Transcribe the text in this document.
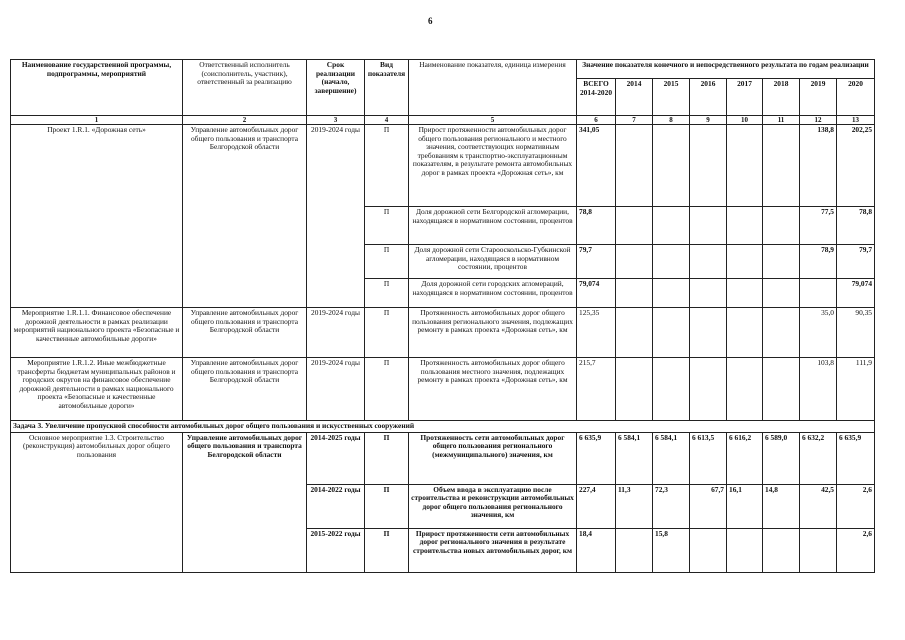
6
Наименование государственной программы, подпрограммы, мероприятий	Ответственный исполнитель (соисполнитель, участник), ответственный за реализацию	Срок реализации (начало, завершение)	Вид показателя	Наименование показателя, единица измерения	Значение показателя конечного и непосредственного результата по годам реализации							
					ВСЕГО 2014-2020	2014	2015	2016	2017	2018	2019	2020
1	2	3	4	5	6	7	8	9	10	11	12	13
Проект 1.R.1. «Дорожная сеть»	Управление автомобильных дорог общего пользования и транспорта Белгородской области	2019-2024 годы	П	Прирост протяженности автомобильных дорог общего пользования регионального и местного значения, соответствующих нормативным требованиям к транспортно-эксплуатационным показателям, в результате ремонта автомобильных дорог в рамках проекта «Дорожная сеть», км	341,05						138,8	202,25
			П	Доля дорожной сети Белгородской агломерации, находящаяся в нормативном состоянии, процентов	78,8						77,5	78,8
			П	Доля дорожной сети Старооскольско-Губкинской агломерации, находящаяся в нормативном состоянии, процентов	79,7						78,9	79,7
			П	Доля дорожной сети городских агломераций, находящаяся в нормативном состоянии, процентов	79,074							79,074
Мероприятие 1.R.1.1. Финансовое обеспечение дорожной деятельности в рамках реализации мероприятий национального проекта «Безопасные и качественные автомобильные дороги»	Управление автомобильных дорог общего пользования и транспорта Белгородской области	2019-2024 годы	П	Протяженность автомобильных дорог общего пользования регионального значения, подлежащих ремонту в рамках проекта «Дорожная сеть», км	125,35						35,0	90,35
Мероприятие 1.R.1.2. Иные межбюджетные трансферты бюджетам муниципальных районов и городских округов на финансовое обеспечение дорожной деятельности в рамках национального проекта «Безопасные и качественные автомобильные дороги»	Управление автомобильных дорог общего пользования и транспорта Белгородской области	2019-2024 годы	П	Протяженность автомобильных дорог общего пользования местного значения, подлежащих ремонту в рамках проекта «Дорожная сеть», км	215,7						103,8	111,9
Задача 3. Увеличение пропускной способности автомобильных дорог общего пользования и искусственных сооружений												
Основное мероприятие 1.3. Строительство (реконструкция) автомобильных дорог общего пользования	Управление автомобильных дорог общего пользования и транспорта Белгородской области	2014-2025 годы	П	Протяженность сети автомобильных дорог общего пользования регионального (межмуниципального) значения, км	6 635,9	6 584,1	6 584,1	6 613,5	6 616,2	6 589,0	6 632,2	6 635,9
		2014-2022 годы	П	Объем ввода в эксплуатацию после строительства и реконструкции автомобильных дорог общего пользования регионального значения, км	227,4	11,3	72,3	67,7	16,1	14,8	42,5	2,6
		2015-2022 годы	П	Прирост протяженности сети автомобильных дорог регионального значения в результате строительства новых автомобильных дорог, км	18,4		15,8					2,6
